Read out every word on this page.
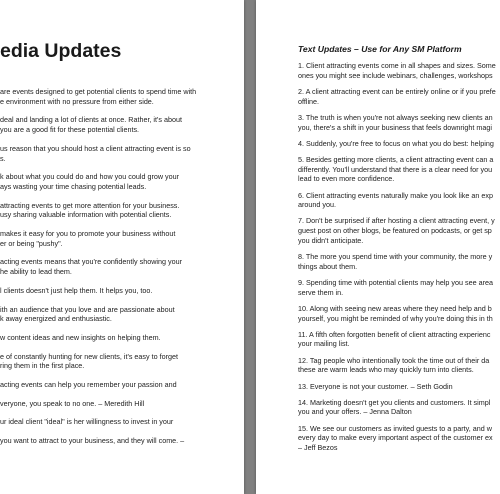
edia Updates

are events designed to get potential clients to spend time with
e environment with no pressure from either side.

deal and landing a lot of clients at once. Rather, it's about
you are a good fit for these potential clients.

us reason that you should host a client attracting event is so
s.

k about what you could do and how you could grow your
ays wasting your time chasing potential leads.

attracting events to get more attention for your business.
usy sharing valuable information with potential clients.

makes it easy for you to promote your business without
er or being "pushy".

acting events means that you're confidently showing your
he ability to lead them.

l clients doesn't just help them. It helps you, too.

ith an audience that you love and are passionate about
k away energized and enthusiastic.

w content ideas and new insights on helping them.

e of constantly hunting for new clients, it's easy to forget
ring them in the first place.

acting events can help you remember your passion and

veryone, you speak to no one. – Meredith Hill

ur ideal client "ideal" is her willingness to invest in your

you want to attract to your business, and they will come. –

Text Updates – Use for Any SM Platform

1. Client attracting events come in all shapes and sizes. Some
ones you might see include webinars, challenges, workshops

2. A client attracting event can be entirely online or if you prefe
offline.

3. The truth is when you're not always seeking new clients an
you, there's a shift in your business that feels downright magi

4. Suddenly, you're free to focus on what you do best: helping

5. Besides getting more clients, a client attracting event can a
differently. You'll understand that there is a clear need for you
lead to even more confidence.

6. Client attracting events naturally make you look like an exp
around you.

7. Don't be surprised if after hosting a client attracting event, y
guest post on other blogs, be featured on podcasts, or get sp
you didn't anticipate.

8. The more you spend time with your community, the more y
things about them.

9. Spending time with potential clients may help you see area
serve them in.

10. Along with seeing new areas where they need help and b
yourself, you might be reminded of why you're doing this in th

11. A fifth often forgotten benefit of client attracting experienc
your mailing list.

12. Tag people who intentionally took the time out of their da
these are warm leads who may quickly turn into clients.

13. Everyone is not your customer. – Seth Godin

14. Marketing doesn't get you clients and customers. It simpl
you and your offers. – Jenna Dalton

15. We see our customers as invited guests to a party, and w
every day to make every important aspect of the customer ex
– Jeff Bezos
